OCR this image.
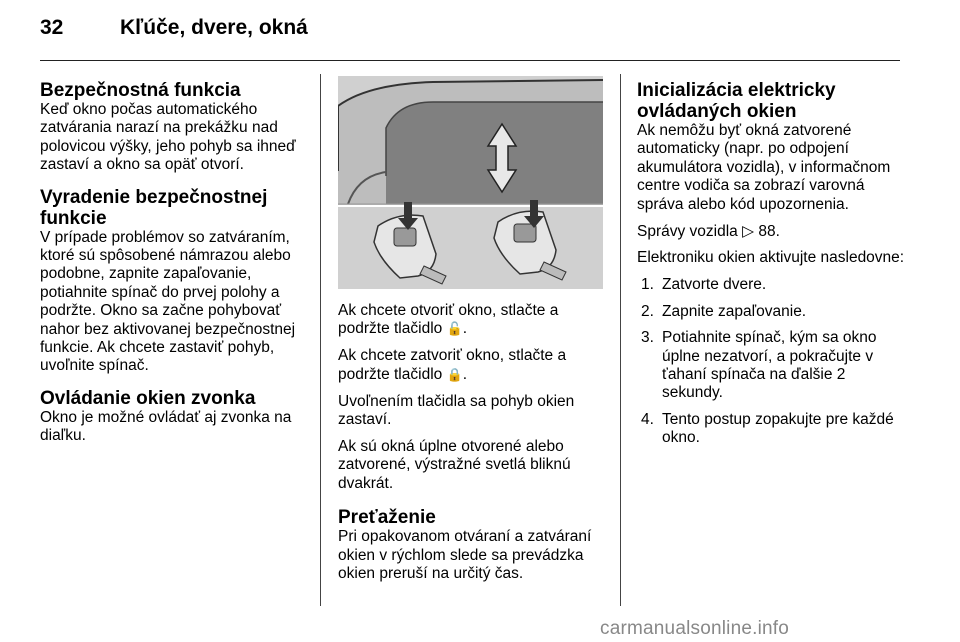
32	Kľúče, dvere, okná
Bezpečnostná funkcia

Keď okno počas automatického zatvárania narazí na prekážku nad polovicou výšky, jeho pohyb sa ihneď zastaví a okno sa opäť otvorí.

Vyradenie bezpečnostnej funkcie

V prípade problémov so zatváraním, ktoré sú spôsobené námrazou alebo podobne, zapnite zapaľovanie, potiahnite spínač do prvej polohy a podržte. Okno sa začne pohybovať nahor bez aktivovanej bezpečnostnej funkcie. Ak chcete zastaviť pohyb, uvoľnite spínač.

Ovládanie okien zvonka

Okno je možné ovládať aj zvonka na diaľku.

Ak chcete otvoriť okno, stlačte a podržte tlačidlo 🔓.

Ak chcete zatvoriť okno, stlačte a podržte tlačidlo 🔒.

Uvoľnením tlačidla sa pohyb okien zastaví.

Ak sú okná úplne otvorené alebo zatvorené, výstražné svetlá bliknú dvakrát.

Preťaženie

Pri opakovanom otváraní a zatváraní okien v rýchlom slede sa prevádzka okien preruší na určitý čas.

Inicializácia elektricky ovládaných okien

Ak nemôžu byť okná zatvorené automaticky (napr. po odpojení akumulátora vozidla), v informačnom centre vodiča sa zobrazí varovná správa alebo kód upozornenia.

Správy vozidla ▷ 88.

Elektroniku okien aktivujte nasledovne:

1. Zatvorte dvere.
2. Zapnite zapaľovanie.
3. Potiahnite spínač, kým sa okno úplne nezatvorí, a pokračujte v ťahaní spínača na ďalšie 2 sekundy.
4. Tento postup zopakujte pre každé okno.
carmanualsonline.info
